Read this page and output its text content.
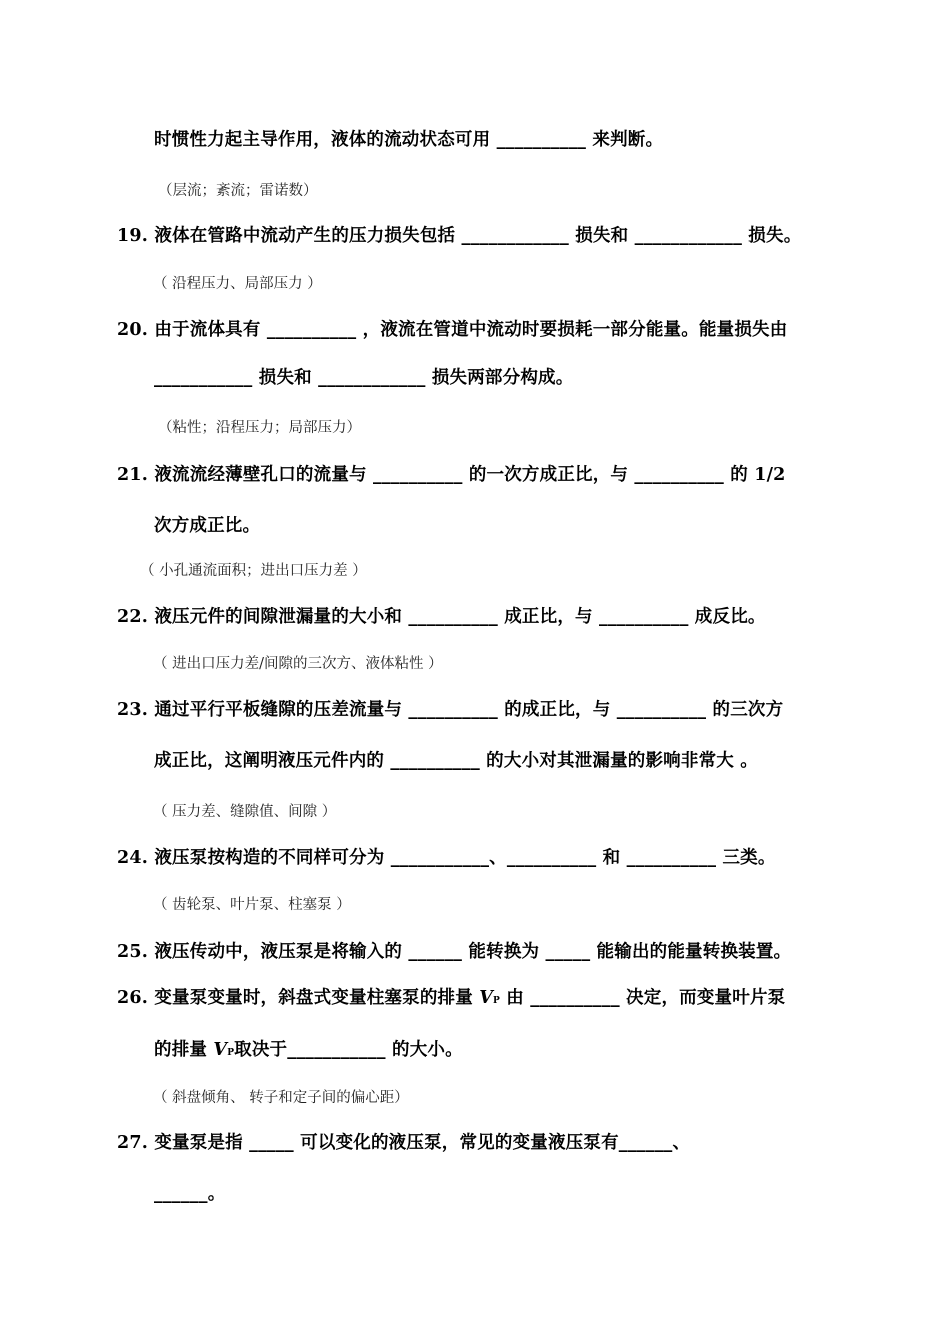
时惯性力起主导作用，液体的流动状态可用 __________ 来判断。
（层流；紊流；雷诺数）
19. 液体在管路中流动产生的压力损失包括 ____________ 损失和 ____________ 损失。
（ 沿程压力、局部压力 ）
20. 由于流体具有 __________ ，液流在管道中流动时要损耗一部分能量。能量损失由
___________ 损失和 ____________ 损失两部分构成。
（粘性；沿程压力；局部压力）
21. 液流流经薄壁孔口的流量与 __________ 的一次方成正比，与 __________ 的 1/2
次方成正比。
（ 小孔通流面积；进出口压力差 ）
22. 液压元件的间隙泄漏量的大小和 __________ 成正比，与 __________ 成反比。
（ 进出口压力差/间隙的三次方、液体粘性 ）
23. 通过平行平板缝隙的压差流量与 __________ 的成正比，与 __________ 的三次方
成正比，这阐明液压元件内的 __________ 的大小对其泄漏量的影响非常大 。
（ 压力差、缝隙值、间隙 ）
24. 液压泵按构造的不同样可分为 ___________、__________ 和 __________ 三类。
（ 齿轮泵、叶片泵、柱塞泵 ）
25. 液压传动中，液压泵是将输入的 ______ 能转换为 _____ 能输出的能量转换装置。
26. 变量泵变量时，斜盘式变量柱塞泵的排量 VP 由 __________ 决定，而变量叶片泵
的排量 VP取决于___________ 的大小。
（ 斜盘倾角、 转子和定子间的偏心距）
27. 变量泵是指 _____ 可以变化的液压泵，常见的变量液压泵有______、
______。
